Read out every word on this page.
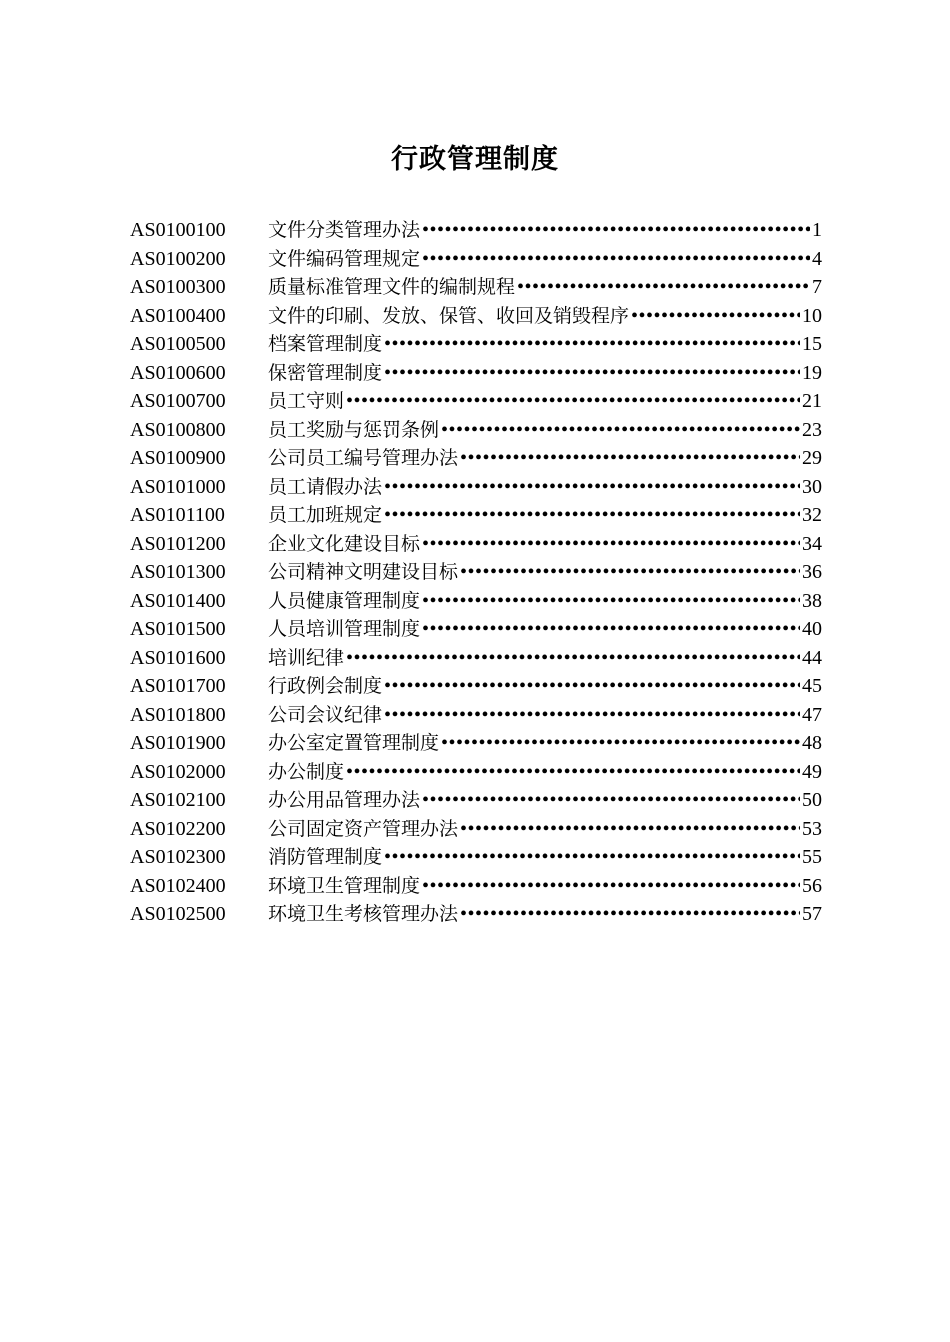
行政管理制度
AS0100100	文件分类管理办法 •••••	1
AS0100200	文件编码管理规定 •••••	4
AS0100300	质量标准管理文件的编制规程 •••••	7
AS0100400	文件的印刷、发放、保管、收回及销毁程序 •••••	10
AS0100500	档案管理制度 •••••	15
AS0100600	保密管理制度 •••••	19
AS0100700	员工守则 •••••	21
AS0100800	员工奖励与惩罚条例 •••••	23
AS0100900	公司员工编号管理办法 •••••	29
AS0101000	员工请假办法 •••••	30
AS0101100	员工加班规定 •••••	32
AS0101200	企业文化建设目标 •••••	34
AS0101300	公司精神文明建设目标 •••••	36
AS0101400	人员健康管理制度 •••••	38
AS0101500	人员培训管理制度 •••••	40
AS0101600	培训纪律 •••••	44
AS0101700	行政例会制度 •••••	45
AS0101800	公司会议纪律 •••••	47
AS0101900	办公室定置管理制度 •••••	48
AS0102000	办公制度 •••••	49
AS0102100	办公用品管理办法 •••••	50
AS0102200	公司固定资产管理办法 •••••	53
AS0102300	消防管理制度 •••••	55
AS0102400	环境卫生管理制度 •••••	56
AS0102500	环境卫生考核管理办法 •••••	57
